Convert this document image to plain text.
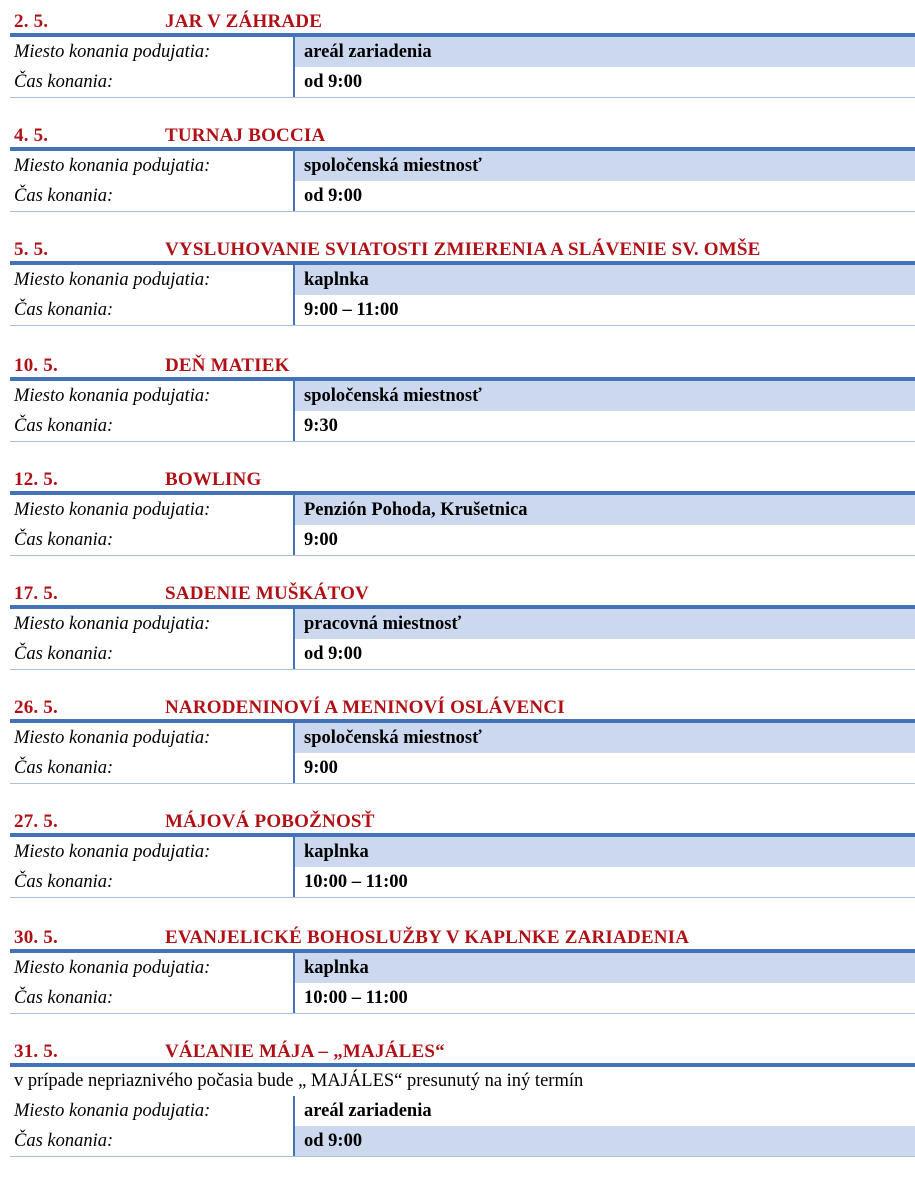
2. 5.	JAR V ZÁHRADE
Miesto konania podujatia:	areál zariadenia
Čas konania:	od 9:00
4. 5.	TURNAJ BOCCIA
Miesto konania podujatia:	spoločenská miestnosť
Čas konania:	od 9:00
5. 5.	VYSLUHOVANIE SVIATOSTI ZMIERENIA A SLÁVENIE SV. OMŠE
Miesto konania podujatia:	kaplnka
Čas konania:	9:00 – 11:00
10. 5.	DEŇ MATIEK
Miesto konania podujatia:	spoločenská miestnosť
Čas konania:	9:30
12. 5.	BOWLING
Miesto konania podujatia:	Penzión Pohoda, Krušetnica
Čas konania:	9:00
17. 5.	SADENIE MUŠKÁTOV
Miesto konania podujatia:	pracovná miestnosť
Čas konania:	od 9:00
26. 5.	NARODENINOVÍ A MENINOVÍ OSLÁVENCI
Miesto konania podujatia:	spoločenská miestnosť
Čas konania:	9:00
27. 5.	MÁJOVÁ POBOŽNOSŤ
Miesto konania podujatia:	kaplnka
Čas konania:	10:00 – 11:00
30. 5.	EVANJELICKÉ BOHOSLUŽBY V KAPLNKE ZARIADENIA
Miesto konania podujatia:	kaplnka
Čas konania:	10:00 – 11:00
31. 5.	VÁĽANIE MÁJA – „MAJÁLES“
v prípade nepriaznivého počasia bude „ MAJÁLES“ presunutý na iný termín
Miesto konania podujatia:	areál zariadenia
Čas konania:	od 9:00
